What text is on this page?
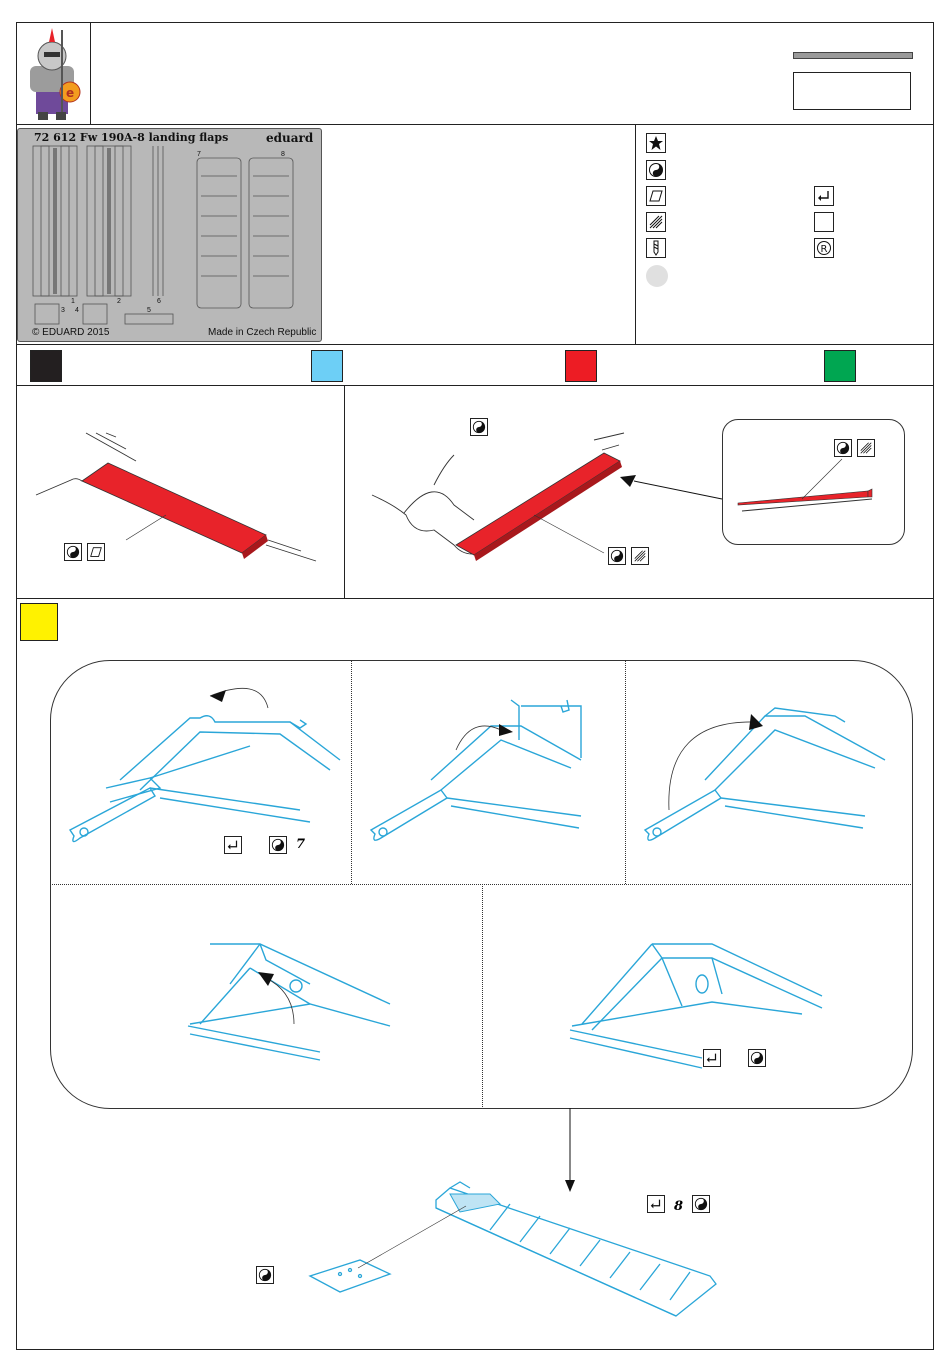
e
72 612 Fw 190A-8 landing flaps	eduard
© EDUARD 2015	Made in Czech Republic
1	2
3 4	5
6
7	8
R
7
8
